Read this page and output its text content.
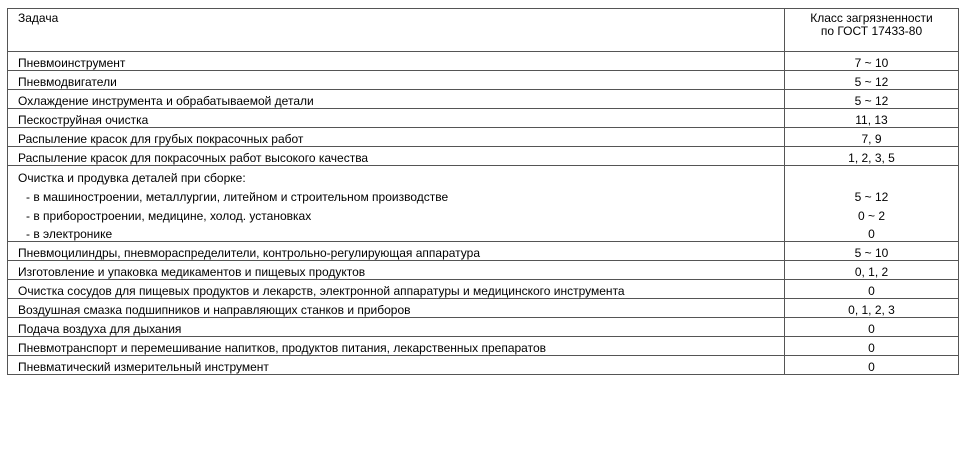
Задача	Класс загрязненности
по ГОСТ 17433-80

Пневмоинструмент	7 ~ 10
Пневмодвигатели	5 ~ 12
Охлаждение инструмента и обрабатываемой детали	5 ~ 12
Пескоструйная очистка	11, 13
Распыление красок для грубых покрасочных работ	7, 9
Распыление красок для покрасочных работ высокого качества	1, 2, 3, 5
Очистка и продувка деталей при сборке:	
- в машиностроении, металлургии, литейном и строительном производстве	5 ~ 12
- в приборостроении, медицине, холод. установках	0 ~ 2
- в электронике	0
Пневмоцилиндры, пневмораспределители, контрольно-регулирующая аппаратура	5 ~ 10
Изготовление и упаковка медикаментов и пищевых продуктов	0, 1, 2
Очистка сосудов для пищевых продуктов и лекарств, электронной аппаратуры и медицинского инструмента	0
Воздушная смазка подшипников и направляющих станков и приборов	0, 1, 2, 3
Подача воздуха для дыхания	0
Пневмотранспорт и перемешивание напитков, продуктов питания, лекарственных препаратов	0
Пневматический измерительный инструмент	0
